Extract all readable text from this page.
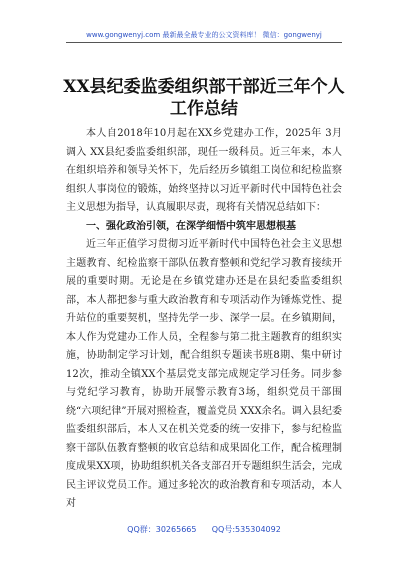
www.gongwenyj.com 最新最全最专业的公文资料库！ 微信：gongwenyj
XX县纪委监委组织部干部近三年个人工作总结

本人自2018年10月起在XX乡党建办工作，2025年 3月调入 XX县纪委监委组织部，现任一级科员。近三年来，本人在组织培养和领导关怀下，先后经历乡镇组工岗位和纪检监察组织人事岗位的锻炼，始终坚持以习近平新时代中国特色社会主义思想为指导，认真履职尽责，现将有关情况总结如下：

一、强化政治引领，在深学细悟中筑牢思想根基

近三年正值学习贯彻习近平新时代中国特色社会主义思想主题教育、纪检监察干部队伍教育整顿和党纪学习教育接续开展的重要时期。无论是在乡镇党建办还是在县纪委监委组织部，本人都把参与重大政治教育和专项活动作为锤炼党性、提升站位的重要契机，坚持先学一步、深学一层。在乡镇期间，本人作为党建办工作人员，全程参与第二批主题教育的组织实施，协助制定学习计划，配合组织专题读书班8期、集中研讨12次，推动全镇XX个基层党支部完成规定学习任务。同步参与党纪学习教育，协助开展警示教育3场，组织党员干部围绕“六项纪律”开展对照检查，覆盖党员 XXX余名。调入县纪委监委组织部后，本人又在机关党委的统一安排下，参与纪检监察干部队伍教育整顿的收官总结和成果固化工作，配合梳理制度成果XX项，协助组织机关各支部召开专题组织生活会，完成民主评议党员工作。通过多轮次的政治教育和专项活动，本人对

QQ群：30265665      QQ号:535304092
